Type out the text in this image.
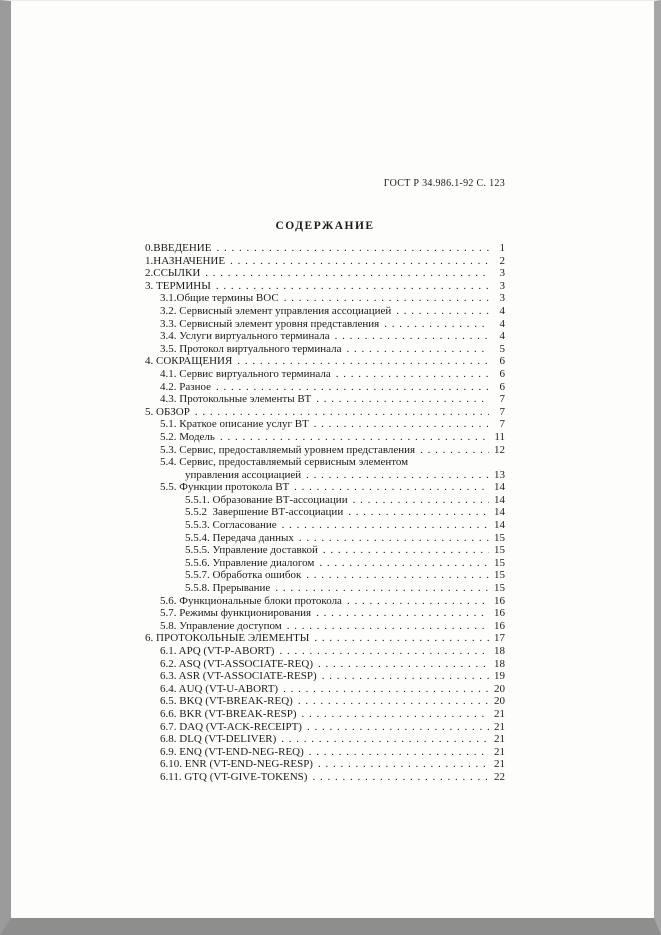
ГОСТ Р 34.986.1-92 С. 123
СОДЕРЖАНИЕ
0.ВВЕДЕНИЕ . . .	1
1.НАЗНАЧЕНИЕ . . .	2
2.ССЫЛКИ . . .	3
3. ТЕРМИНЫ . . .	3
3.1.Общие термины ВОС . . .	3
3.2. Сервисный элемент управления ассоциацией . . .	4
3.3. Сервисный элемент уровня представления . . .	4
3.4. Услуги виртуального терминала . . .	4
3.5. Протокол виртуального терминала . . .	5
4. СОКРАЩЕНИЯ . . .	6
4.1. Сервис виртуального терминала . . .	6
4.2. Разное . . .	6
4.3. Протокольные элементы ВТ . . .	7
5. ОБЗОР . . .	7
5.1. Краткое описание услуг ВТ . . .	7
5.2. Модель . . .	11
5.3. Сервис, предоставляемый уровнем представления . . .	12
5.4. Сервис, предоставляемый сервисным элементом
управления ассоциацией . . .	13
5.5. Функции протокола ВТ . . .	14
5.5.1. Образование ВТ-ассоциации . . .	14
5.5.2  Завершение ВТ-ассоциации . . .	14
5.5.3. Согласование . . .	14
5.5.4. Передача данных . . .	15
5.5.5. Управление доставкой . . .	15
5.5.6. Управление диалогом . . .	15
5.5.7. Обработка ошибок . . .	15
5.5.8. Прерывание . . .	15
5.6. Функциональные блоки протокола . . .	16
5.7. Режимы функционирования . . .	16
5.8. Управление доступом . . .	16
6. ПРОТОКОЛЬНЫЕ ЭЛЕМЕНТЫ . . .	17
6.1. APQ (VT-P-ABORT) . . .	18
6.2. ASQ (VT-ASSOCIATE-REQ) . . .	18
6.3. ASR (VT-ASSOCIATE-RESP) . . .	19
6.4. AUQ (VT-U-ABORT) . . .	20
6.5. BKQ (VT-BREAK-REQ) . . .	20
6.6. BKR (VT-BREAK-RESP) . . .	21
6.7. DAQ (VT-ACK-RECEIPT) . . .	21
6.8. DLQ (VT-DELIVER) . . .	21
6.9. ENQ (VT-END-NEG-REQ) . . .	21
6.10. ENR (VT-END-NEG-RESP) . . .	21
6.11. GTQ (VT-GIVE-TOKENS) . . .	22
